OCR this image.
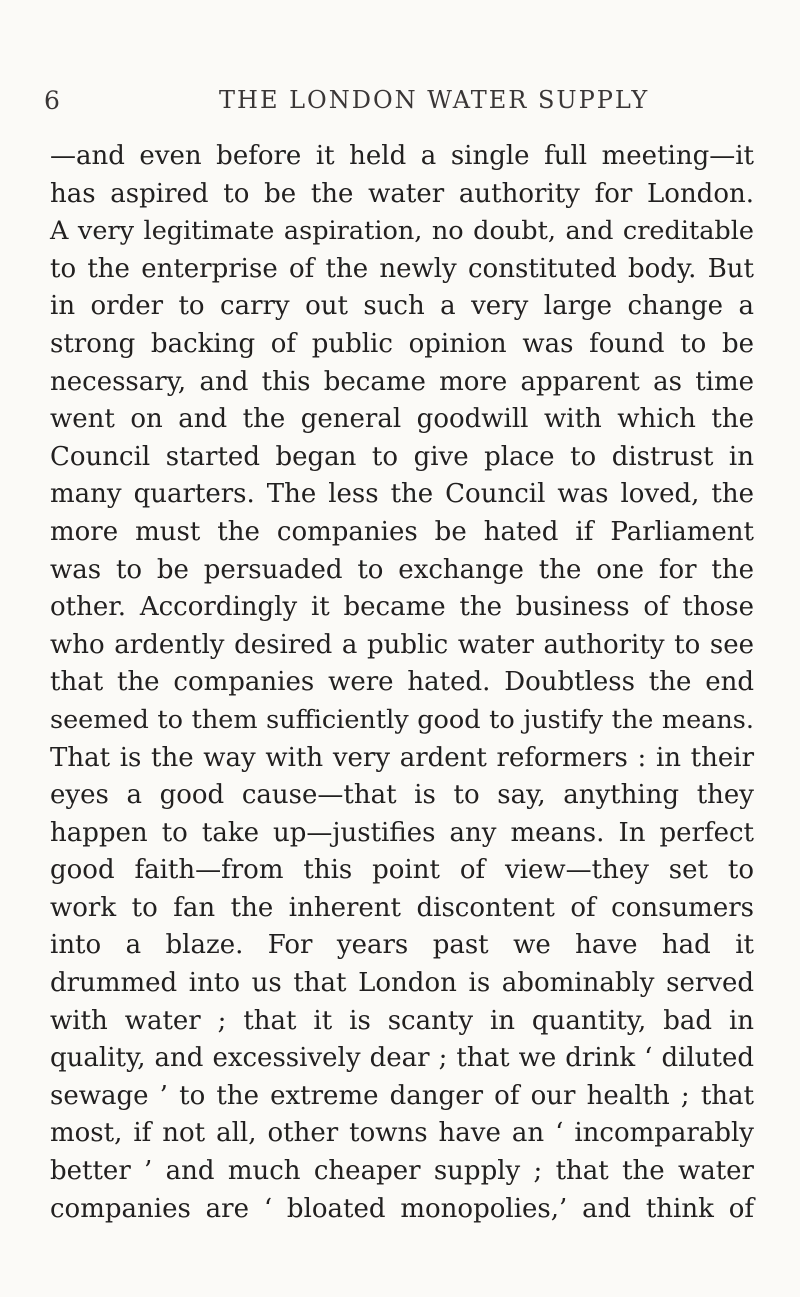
6	THE LONDON WATER SUPPLY
—and even before it held a single full meeting—it
has aspired to be the water authority for London.
A very legitimate aspiration, no doubt, and creditable
to the enterprise of the newly constituted body. But
in order to carry out such a very large change a
strong backing of public opinion was found to be
necessary, and this became more apparent as time
went on and the general goodwill with which the
Council started began to give place to distrust in
many quarters. The less the Council was loved, the
more must the companies be hated if Parliament
was to be persuaded to exchange the one for the
other. Accordingly it became the business of those
who ardently desired a public water authority to see
that the companies were hated. Doubtless the end
seemed to them sufficiently good to justify the means.
That is the way with very ardent reformers : in their
eyes a good cause—that is to say, anything they
happen to take up—justifies any means. In perfect
good faith—from this point of view—they set to
work to fan the inherent discontent of consumers
into a blaze. For years past we have had it
drummed into us that London is abominably served
with water ; that it is scanty in quantity, bad in
quality, and excessively dear ; that we drink ‘ diluted
sewage ’ to the extreme danger of our health ; that
most, if not all, other towns have an ‘ incomparably
better ’ and much cheaper supply ; that the water
companies are ‘ bloated monopolies,’ and think of
